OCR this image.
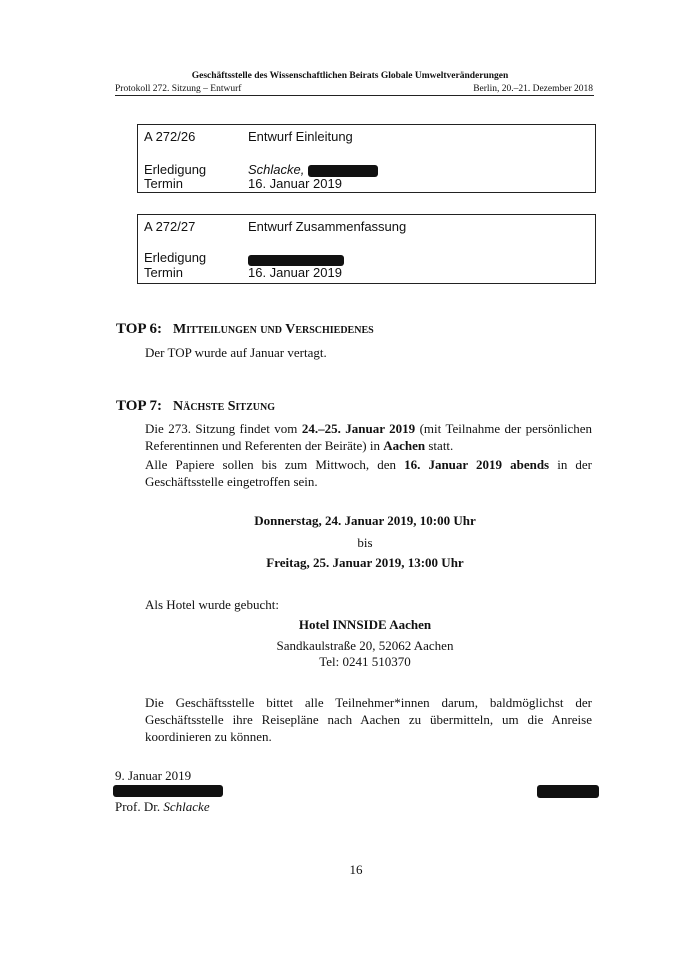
Geschäftsstelle des Wissenschaftlichen Beirats Globale Umweltveränderungen
Protokoll 272. Sitzung – Entwurf	Berlin, 20.–21. Dezember 2018
A 272/26	Entwurf Einleitung
Erledigung	Schlacke,
Termin	16. Januar 2019
A 272/27	Entwurf Zusammenfassung
Erledigung
Termin	16. Januar 2019
TOP 6: Mitteilungen und Verschiedenes
Der TOP wurde auf Januar vertagt.
TOP 7: Nächste Sitzung
Die 273. Sitzung findet vom 24.–25. Januar 2019 (mit Teilnahme der persönlichen Referentinnen und Referenten der Beiräte) in Aachen statt.
Alle Papiere sollen bis zum Mittwoch, den 16. Januar 2019 abends in der Geschäftsstelle eingetroffen sein.
Donnerstag, 24. Januar 2019, 10:00 Uhr
bis
Freitag, 25. Januar 2019, 13:00 Uhr
Als Hotel wurde gebucht:
Hotel INNSIDE Aachen
Sandkaulstraße 20, 52062 Aachen
Tel: 0241 510370
Die Geschäftsstelle bittet alle Teilnehmer*innen darum, baldmöglichst der Geschäftsstelle ihre Reisepläne nach Aachen zu übermitteln, um die Anreise koordinieren zu können.
9. Januar 2019
Prof. Dr. Schlacke
16
